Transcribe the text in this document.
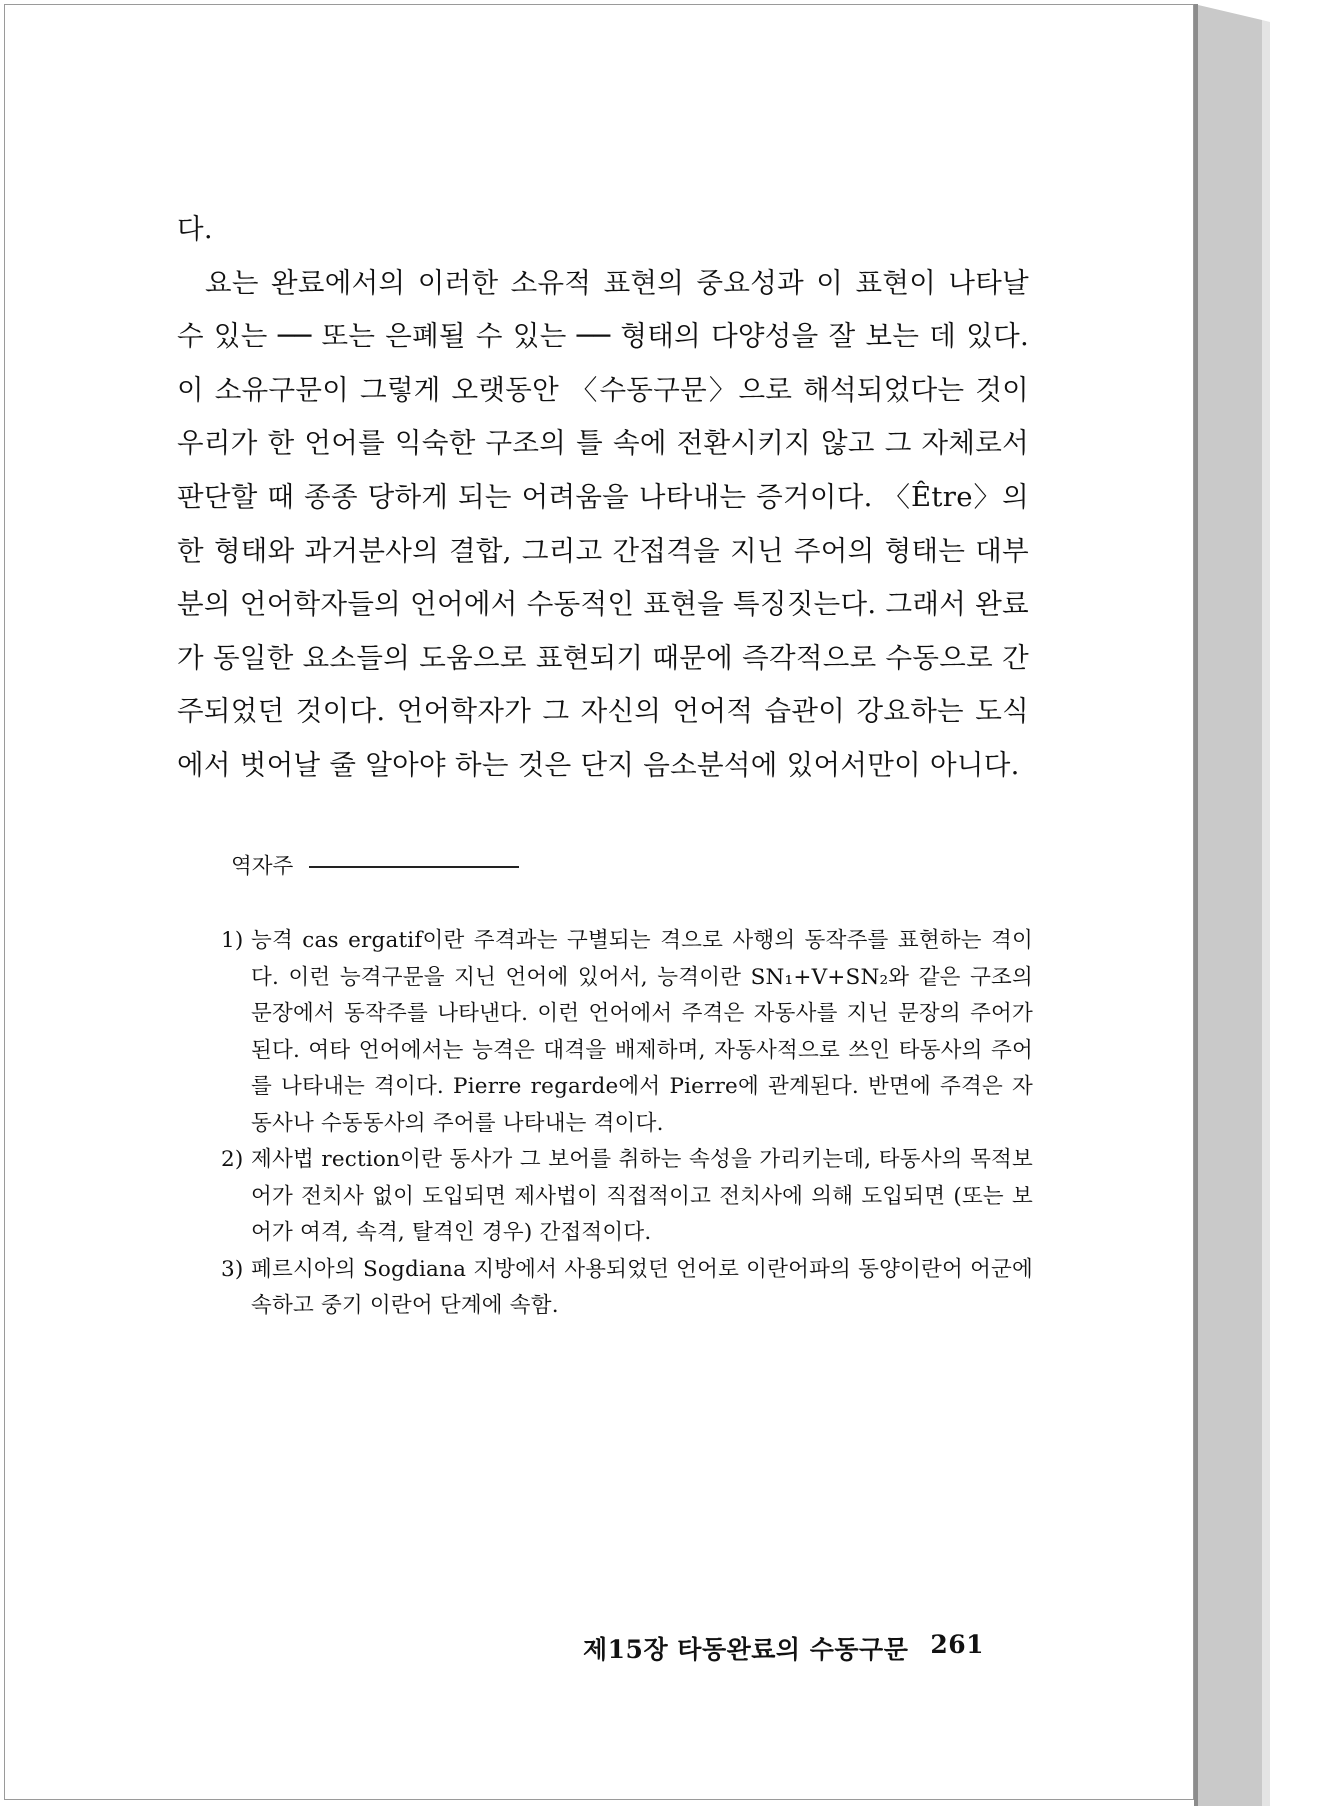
다.

요는 완료에서의 이러한 소유적 표현의 중요성과 이 표현이 나타날 수 있는 ── 또는 은폐될 수 있는 ── 형태의 다양성을 잘 보는 데 있다. 이 소유구문이 그렇게 오랫동안 〈수동구문〉으로 해석되었다는 것이 우리가 한 언어를 익숙한 구조의 틀 속에 전환시키지 않고 그 자체로서 판단할 때 종종 당하게 되는 어려움을 나타내는 증거이다. 〈Être〉의 한 형태와 과거분사의 결합, 그리고 간접격을 지닌 주어의 형태는 대부분의 언어학자들의 언어에서 수동적인 표현을 특징짓는다. 그래서 완료가 동일한 요소들의 도움으로 표현되기 때문에 즉각적으로 수동으로 간주되었던 것이다. 언어학자가 그 자신의 언어적 습관이 강요하는 도식에서 벗어날 줄 알아야 하는 것은 단지 음소분석에 있어서만이 아니다.

역자주
1) 능격 cas ergatif이란 주격과는 구별되는 격으로 사행의 동작주를 표현하는 격이다. 이런 능격구문을 지닌 언어에 있어서, 능격이란 SN₁+V+SN₂와 같은 구조의 문장에서 동작주를 나타낸다. 이런 언어에서 주격은 자동사를 지닌 문장의 주어가 된다. 여타 언어에서는 능격은 대격을 배제하며, 자동사적으로 쓰인 타동사의 주어를 나타내는 격이다. Pierre regarde에서 Pierre에 관계된다. 반면에 주격은 자동사나 수동동사의 주어를 나타내는 격이다.
2) 제사법 rection이란 동사가 그 보어를 취하는 속성을 가리키는데, 타동사의 목적보어가 전치사 없이 도입되면 제사법이 직접적이고 전치사에 의해 도입되면 (또는 보어가 여격, 속격, 탈격인 경우) 간접적이다.
3) 페르시아의 Sogdiana 지방에서 사용되었던 언어로 이란어파의 동양이란어 어군에 속하고 중기 이란어 단계에 속함.
제15장 타동완료의 수동구문 261
